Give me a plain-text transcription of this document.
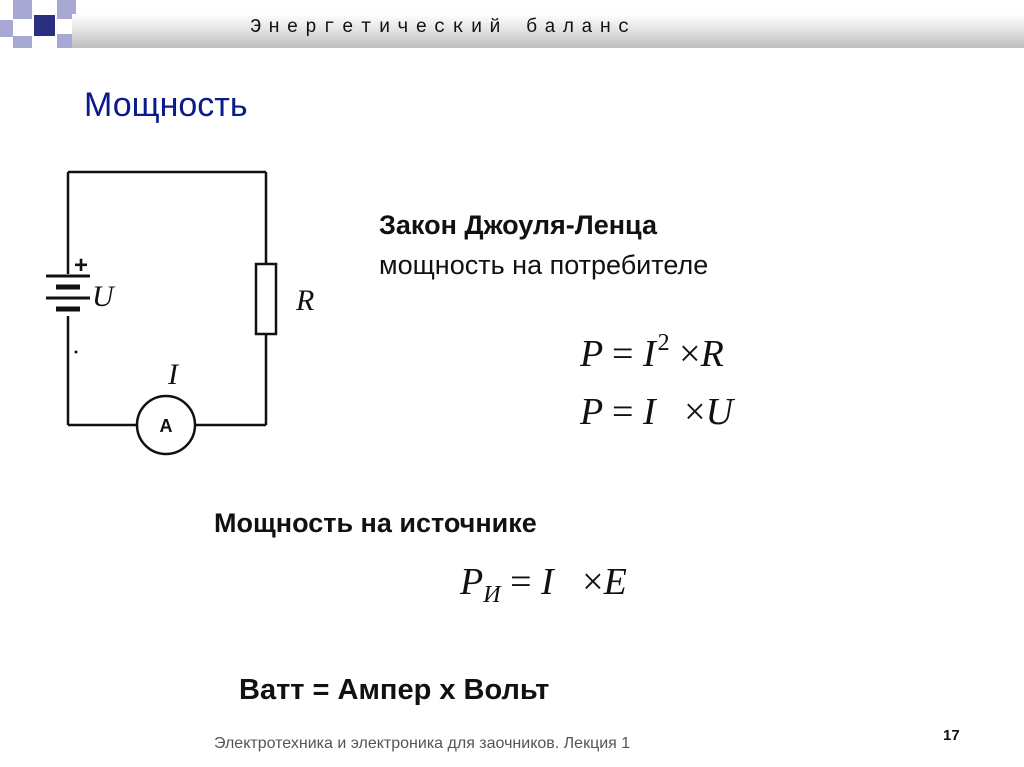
Энергетический баланс
Мощность
+
U	R
I
A
Закон Джоуля-Ленца
мощность на потребителе
$P = I^2 \times R$
P = I ×U
Мощность на источнике
$P_И = I \times E$
Ватт = Ампер х Вольт
Электротехника и электроника для заочников. Лекция 1	17
